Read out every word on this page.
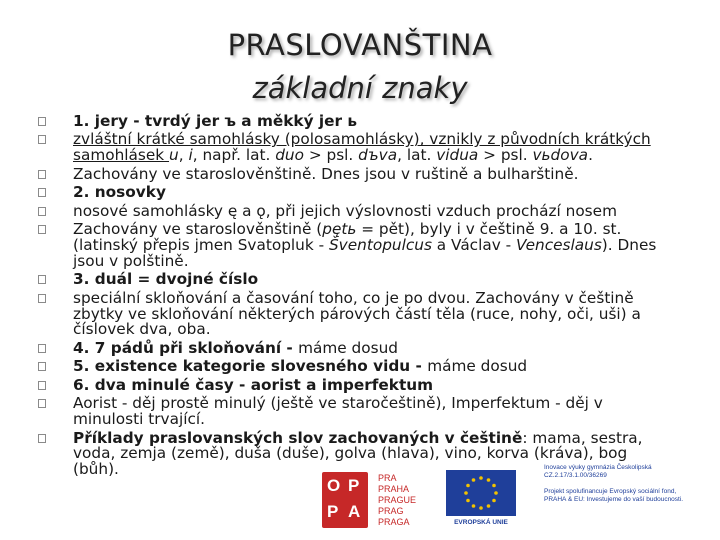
PRASLOVANŠTINA
základní znaky
1. jery - tvrdý jer ъ a měkký jer ь
zvláštní krátké samohlásky (polosamohlásky), vznikly z původních krátkých samohlásek u, i, např. lat. duo > psl. dъva, lat. vidua > psl. vьdova.
Zachovány ve staroslověnštině. Dnes jsou v ruštině a bulharštině.
2. nosovky
nosové samohlásky ę a ǫ, při jejich výslovnosti vzduch prochází nosem
Zachovány ve staroslověnštině (pętь = pět), byly i v češtině 9. a 10. st. (latinský přepis jmen Svatopluk - Šventopulcus a Václav - Venceslaus). Dnes jsou v polštině.
3. duál = dvojné číslo
speciální skloňování a časování toho, co je po dvou. Zachovány v češtině zbytky ve skloňování některých párových částí těla (ruce, nohy, oči, uši) a číslovek dva, oba.
4. 7 pádů při skloňování - máme dosud
5. existence kategorie slovesného vidu - máme dosud
6. dva minulé časy - aorist a imperfektum
Aorist - děj prostě minulý (ještě ve staročeštině), Imperfektum - děj v minulosti trvající.
Příklady praslovanských slov zachovaných v češtině: mama, sestra, voda, zemja (země), duša (duše), golva (hlava), vino, korva (kráva), bog (bůh).
O P
P A
PRA
PRAHA
PRAGUE
PRAG
PRAGA	EVROPSKÁ UNIE
Inovace výuky gymnázia Českolipská
CZ.2.17/3.1.00/36269

Projekt spolufinancuje Evropský sociální fond,
PRAHA & EU: Investujeme do vaší budoucnosti.
